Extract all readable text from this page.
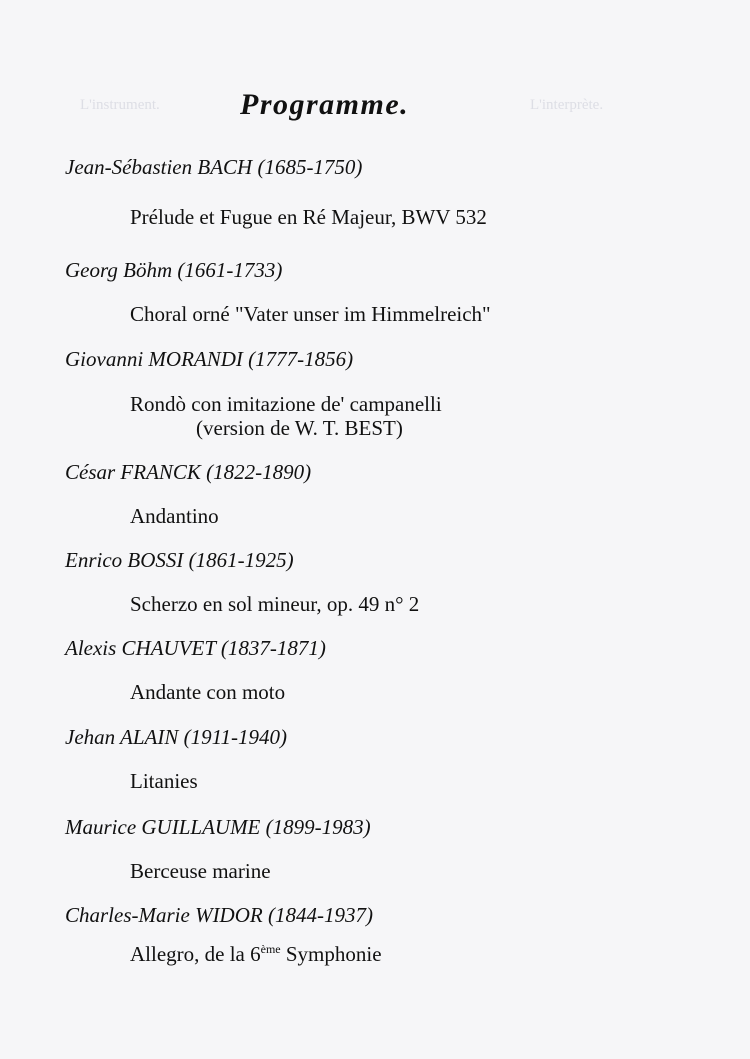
L'instrument.	L'interprète.
Programme.
Jean-Sébastien BACH (1685-1750)
Prélude et Fugue en Ré Majeur, BWV 532
Georg Böhm (1661-1733)
Choral orné "Vater unser im Himmelreich"
Giovanni MORANDI (1777-1856)
Rondò con imitazione de' campanelli
(version de W. T. BEST)
César FRANCK (1822-1890)
Andantino
Enrico BOSSI (1861-1925)
Scherzo en sol mineur, op. 49 n° 2
Alexis CHAUVET (1837-1871)
Andante con moto
Jehan ALAIN (1911-1940)
Litanies
Maurice GUILLAUME (1899-1983)
Berceuse marine
Charles-Marie WIDOR (1844-1937)
Allegro, de la 6ème Symphonie
